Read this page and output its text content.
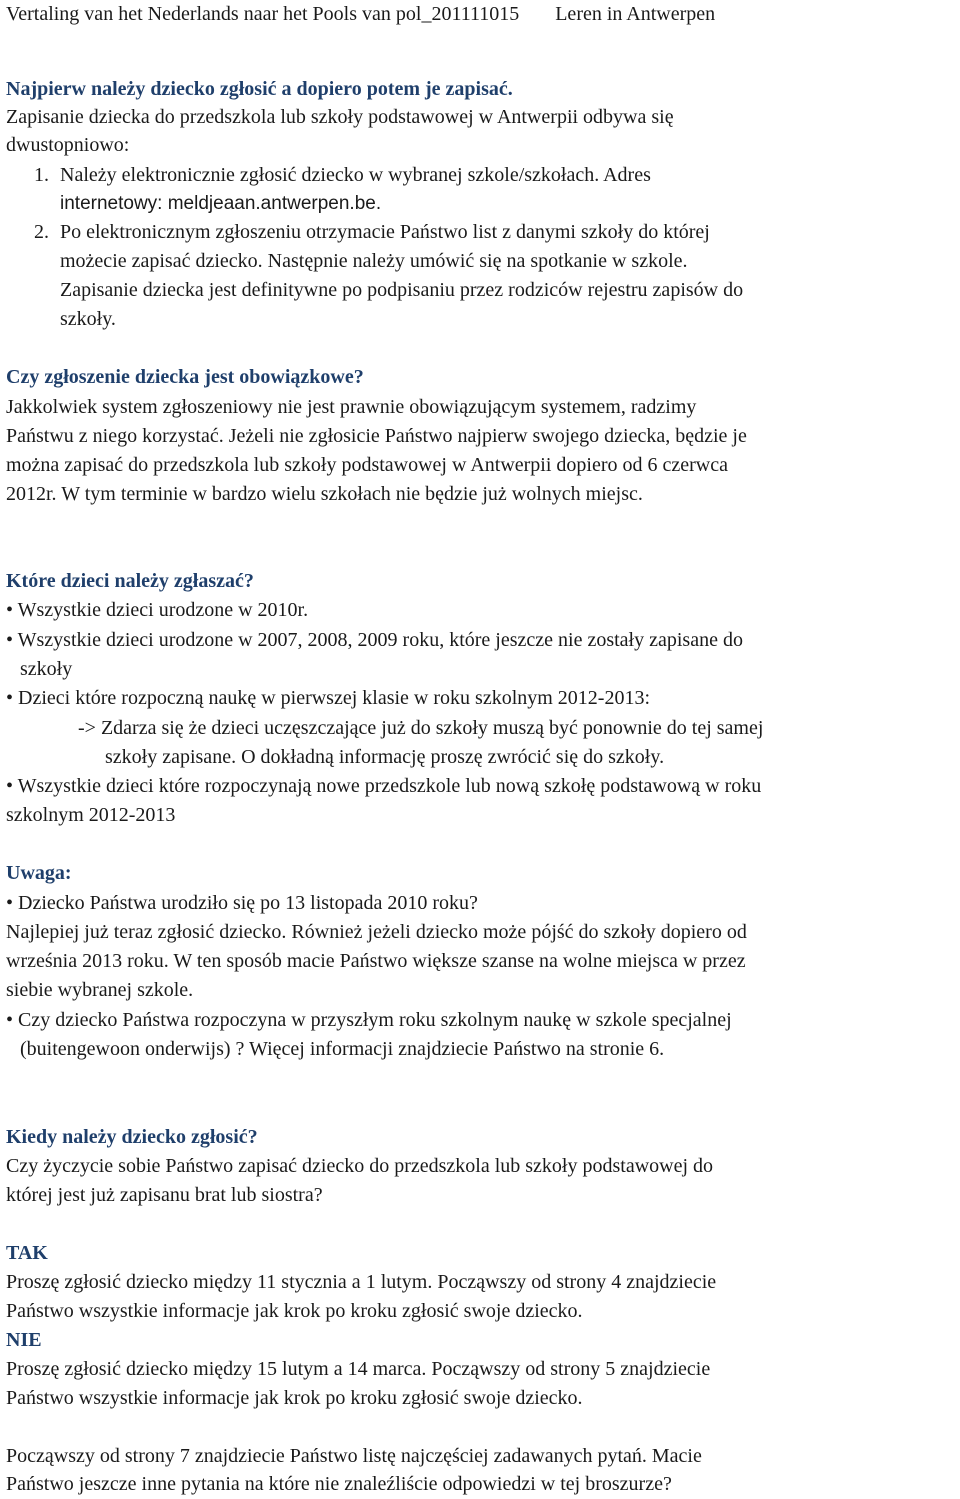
Vertaling van het Nederlands naar het Pools van pol_201111015 Leren in Antwerpen
Najpierw należy dziecko zgłosić a dopiero potem je zapisać.
Zapisanie dziecka do przedszkola lub szkoły podstawowej w Antwerpii odbywa się
dwustopniowo:
1. Należy elektronicznie zgłosić dziecko w wybranej szkole/szkołach. Adres
internetowy: meldjeaan.antwerpen.be.
2. Po elektronicznym zgłoszeniu otrzymacie Państwo list z danymi szkoły do której
możecie zapisać dziecko. Następnie należy umówić się na spotkanie w szkole.
Zapisanie dziecka jest definitywne po podpisaniu przez rodziców rejestru zapisów do
szkoły.
Czy zgłoszenie dziecka jest obowiązkowe?
Jakkolwiek system zgłoszeniowy nie jest prawnie obowiązującym systemem, radzimy
Państwu z niego korzystać. Jeżeli nie zgłosicie Państwo najpierw swojego dziecka, będzie je
można zapisać do przedszkola lub szkoły podstawowej w Antwerpii dopiero od 6 czerwca
2012r. W tym terminie w bardzo wielu szkołach nie będzie już wolnych miejsc.
Które dzieci należy zgłaszać?
• Wszystkie dzieci urodzone w 2010r.
• Wszystkie dzieci urodzone w 2007, 2008, 2009 roku, które jeszcze nie zostały zapisane do
szkoły
• Dzieci które rozpoczną naukę w pierwszej klasie w roku szkolnym 2012-2013:
-> Zdarza się że dzieci uczęszczające już do szkoły muszą być ponownie do tej samej
szkoły zapisane. O dokładną informację proszę zwrócić się do szkoły.
• Wszystkie dzieci które rozpoczynają nowe przedszkole lub nową szkołę podstawową w roku
szkolnym 2012-2013
Uwaga:
• Dziecko Państwa urodziło się po 13 listopada 2010 roku?
Najlepiej już teraz zgłosić dziecko. Również jeżeli dziecko może pójść do szkoły dopiero od
września 2013 roku. W ten sposób macie Państwo większe szanse na wolne miejsca w przez
siebie wybranej szkole.
• Czy dziecko Państwa rozpoczyna w przyszłym roku szkolnym naukę w szkole specjalnej
(buitengewoon onderwijs) ? Więcej informacji znajdziecie Państwo na stronie 6.
Kiedy należy dziecko zgłosić?
Czy życzycie sobie Państwo zapisać dziecko do przedszkola lub szkoły podstawowej do
której jest już zapisanu brat lub siostra?
TAK
Proszę zgłosić dziecko między 11 stycznia a 1 lutym. Począwszy od strony 4 znajdziecie
Państwo wszystkie informacje jak krok po kroku zgłosić swoje dziecko.
NIE
Proszę zgłosić dziecko między 15 lutym a 14 marca. Począwszy od strony 5 znajdziecie
Państwo wszystkie informacje jak krok po kroku zgłosić swoje dziecko.
Począwszy od strony 7 znajdziecie Państwo listę najczęściej zadawanych pytań. Macie
Państwo jeszcze inne pytania na które nie znaleźliście odpowiedzi w tej broszurze?
